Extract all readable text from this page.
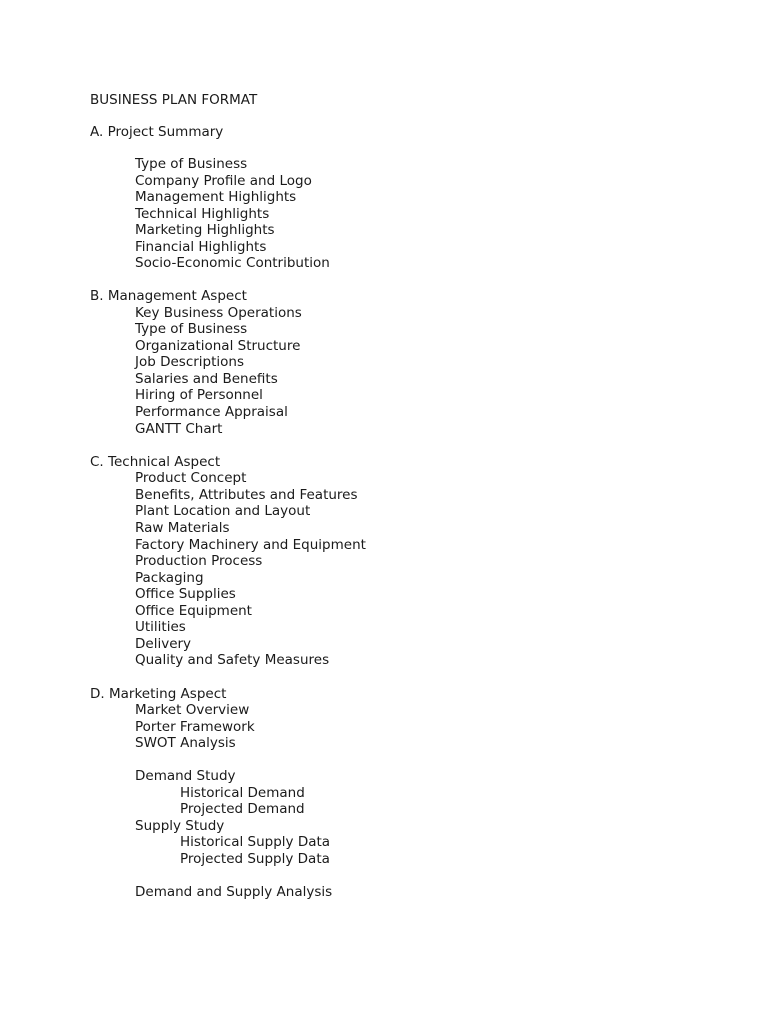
BUSINESS PLAN FORMAT
A. Project Summary
Type of Business
Company Profile and Logo
Management Highlights
Technical Highlights
Marketing Highlights
Financial Highlights
Socio-Economic Contribution
B. Management Aspect
Key Business Operations
Type of Business
Organizational Structure
Job Descriptions
Salaries and Benefits
Hiring of Personnel
Performance Appraisal
GANTT Chart
C. Technical Aspect
Product Concept
Benefits, Attributes and Features
Plant Location and Layout
Raw Materials
Factory Machinery and Equipment
Production Process
Packaging
Office Supplies
Office Equipment
Utilities
Delivery
Quality and Safety Measures
D. Marketing Aspect
Market Overview
Porter Framework
SWOT Analysis
Demand Study
Historical Demand
Projected Demand
Supply Study
Historical Supply Data
Projected Supply Data
Demand and Supply Analysis
